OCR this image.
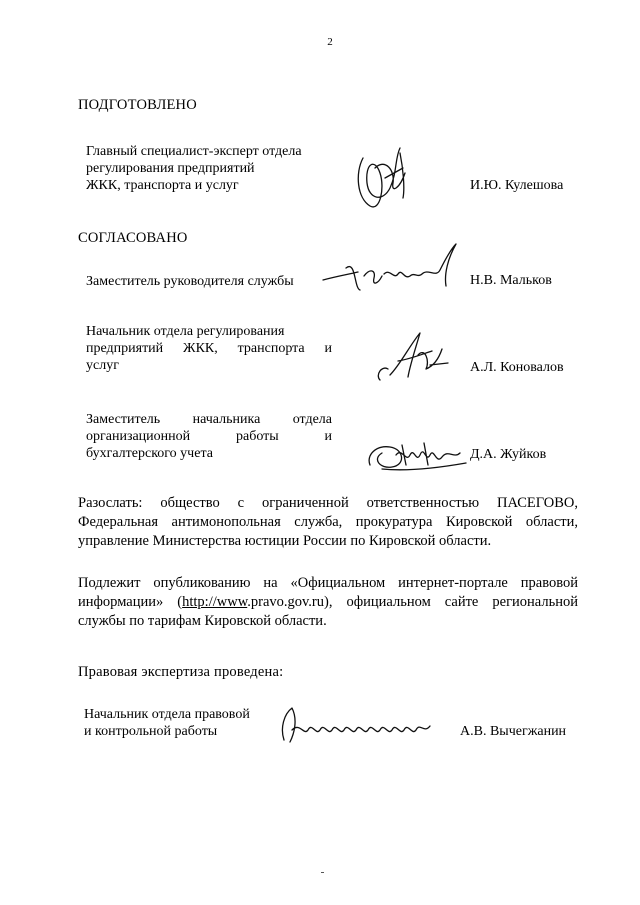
2
ПОДГОТОВЛЕНО
Главный специалист-эксперт отдела
регулирования предприятий
ЖКК, транспорта и услуг	И.Ю. Кулешова
СОГЛАСОВАНО
Заместитель руководителя службы	Н.В. Мальков
Начальник отдела регулирования
предприятий ЖКК, транспорта и
услуг	А.Л. Коновалов
Заместитель начальника отдела
организационной работы и
бухгалтерского учета	Д.А. Жуйков
Разослать: общество с ограниченной ответственностью ПАСЕГОВО, Федеральная антимонопольная служба, прокуратура Кировской области, управление Министерства юстиции России по Кировской области.
Подлежит опубликованию на «Официальном интернет-портале правовой информации» (http://www.pravo.gov.ru), официальном сайте региональной службы по тарифам Кировской области.
Правовая экспертиза проведена:
Начальник отдела правовой
и контрольной работы	А.В. Вычегжанин
